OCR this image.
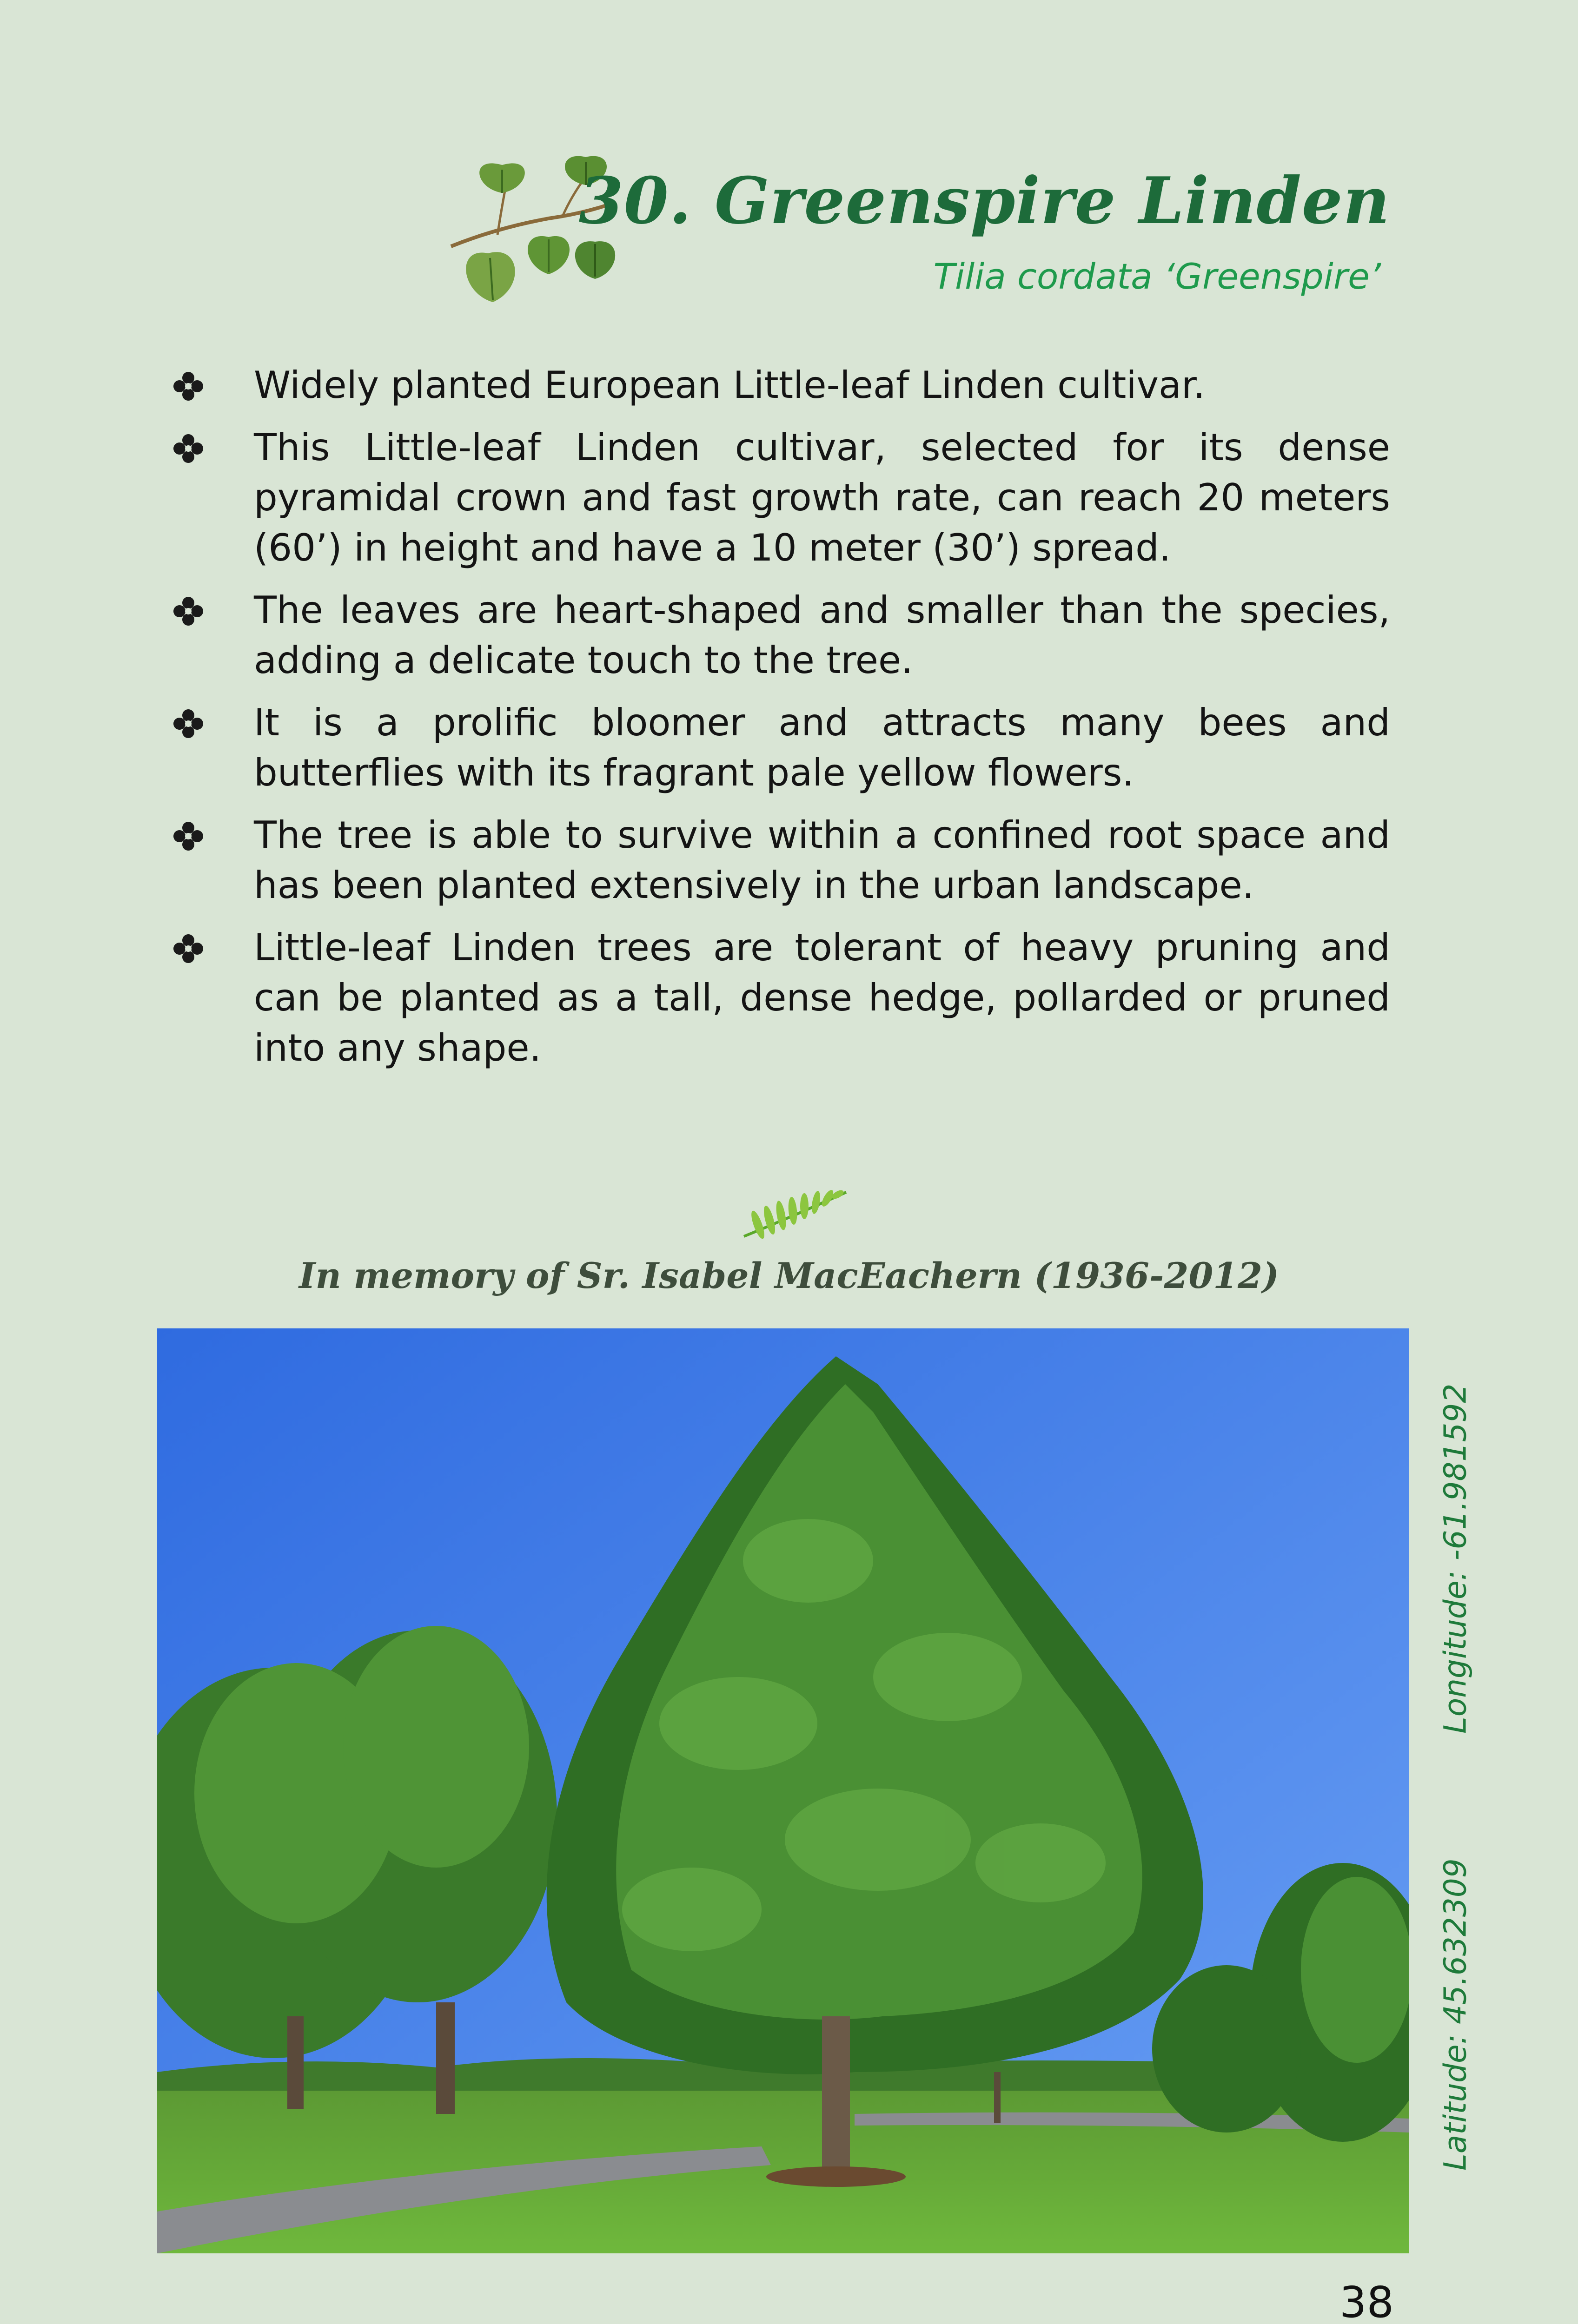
30. Greenspire Linden
Tilia cordata ‘Greenspire’
Widely planted European Little-leaf Linden cultivar.
This Little-leaf Linden cultivar, selected for its dense pyramidal crown and fast growth rate, can reach 20 meters (60’) in height and have a 10 meter (30’) spread.
The leaves are heart-shaped and smaller than the species, adding a delicate touch to the tree.
It is a prolific bloomer and attracts many bees and butterflies with its fragrant pale yellow flowers.
The tree is able to survive within a confined root space and has been planted extensively in the urban landscape.
Little-leaf Linden trees are tolerant of heavy pruning and can be planted as a tall, dense hedge, pollarded or pruned into any shape.
In memory of Sr. Isabel MacEachern (1936-2012)
Latitude: 45.632309
Longitude: -61.981592
38
